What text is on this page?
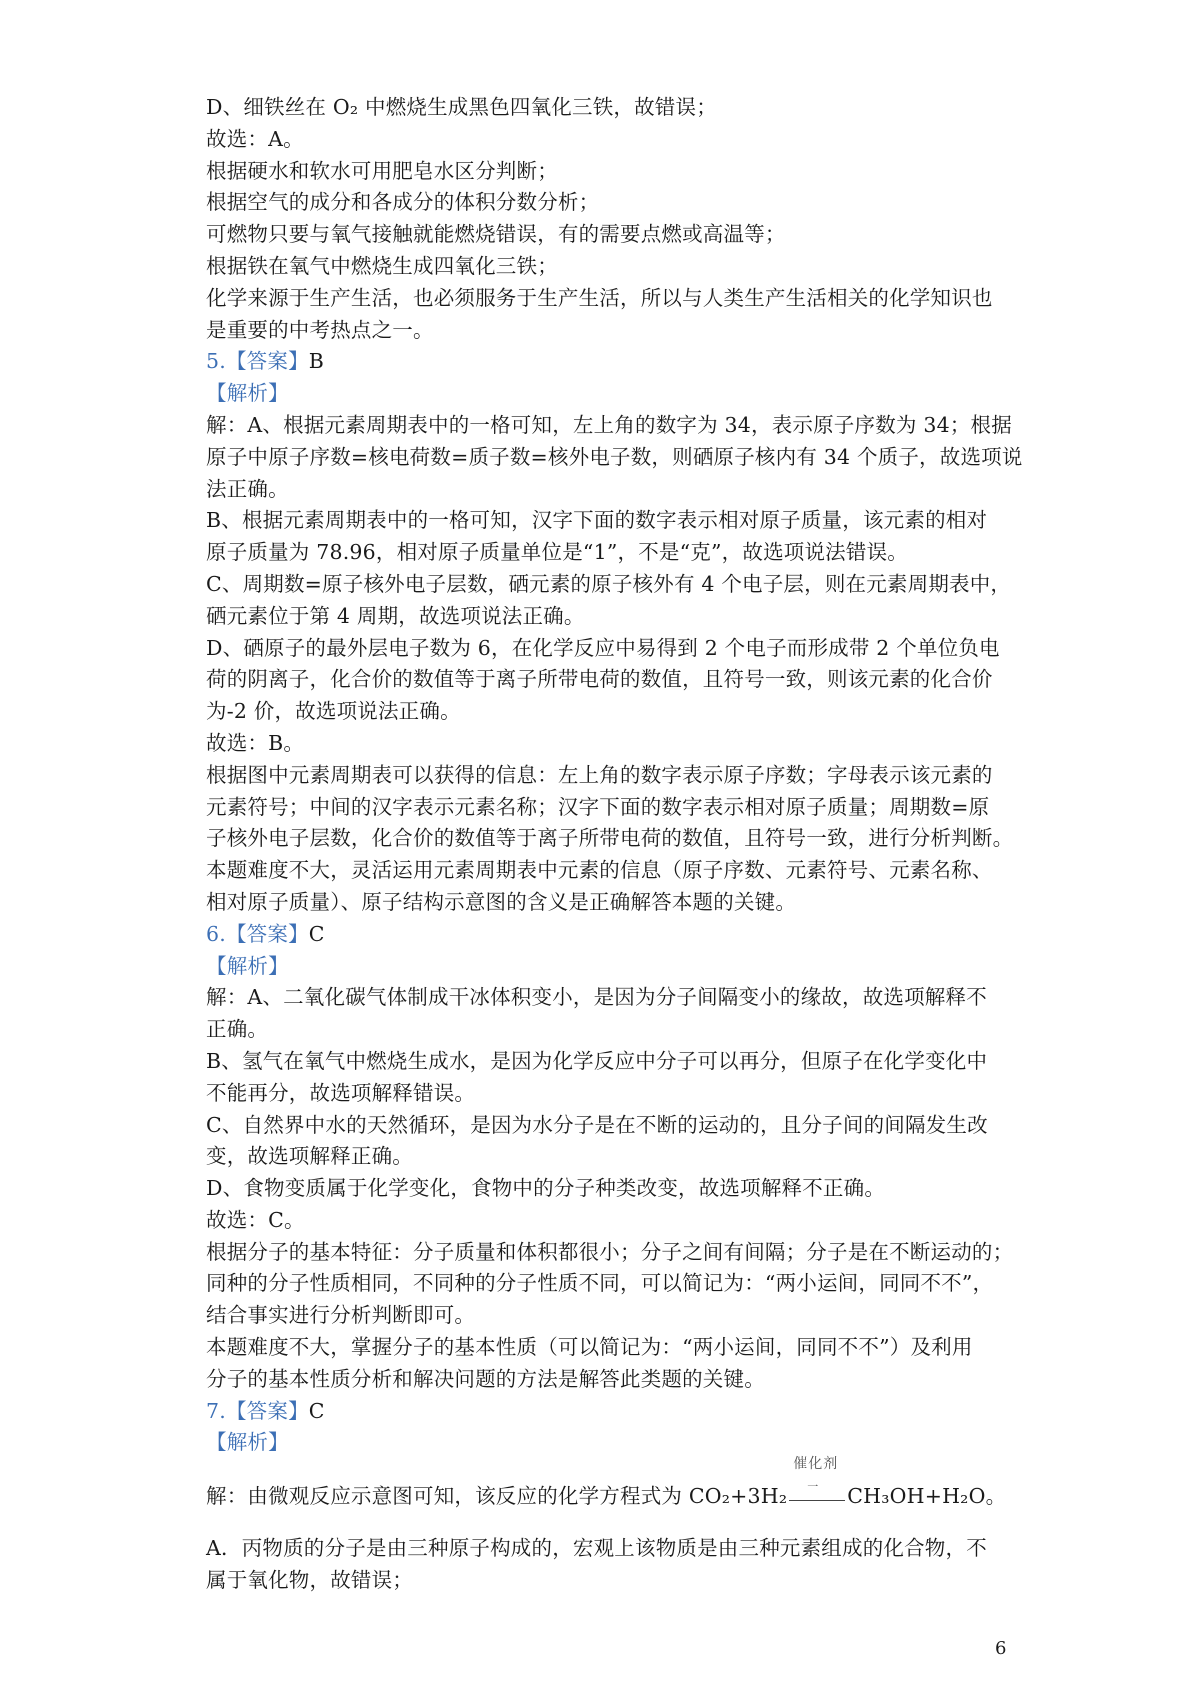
D、细铁丝在 O₂ 中燃烧生成黑色四氧化三铁，故错误；
故选：A。
根据硬水和软水可用肥皂水区分判断；
根据空气的成分和各成分的体积分数分析；
可燃物只要与氧气接触就能燃烧错误，有的需要点燃或高温等；
根据铁在氧气中燃烧生成四氧化三铁；
化学来源于生产生活，也必须服务于生产生活，所以与人类生产生活相关的化学知识也
是重要的中考热点之一。
5.【答案】B
【解析】
解：A、根据元素周期表中的一格可知，左上角的数字为 34，表示原子序数为 34；根据
原子中原子序数=核电荷数=质子数=核外电子数，则硒原子核内有 34 个质子，故选项说
法正确。
B、根据元素周期表中的一格可知，汉字下面的数字表示相对原子质量，该元素的相对
原子质量为 78.96，相对原子质量单位是“1”，不是“克”，故选项说法错误。
C、周期数=原子核外电子层数，硒元素的原子核外有 4 个电子层，则在元素周期表中，
硒元素位于第 4 周期，故选项说法正确。
D、硒原子的最外层电子数为 6，在化学反应中易得到 2 个电子而形成带 2 个单位负电
荷的阴离子，化合价的数值等于离子所带电荷的数值，且符号一致，则该元素的化合价
为-2 价，故选项说法正确。
故选：B。
根据图中元素周期表可以获得的信息：左上角的数字表示原子序数；字母表示该元素的
元素符号；中间的汉字表示元素名称；汉字下面的数字表示相对原子质量；周期数=原
子核外电子层数，化合价的数值等于离子所带电荷的数值，且符号一致，进行分析判断。
本题难度不大，灵活运用元素周期表中元素的信息（原子序数、元素符号、元素名称、
相对原子质量）、原子结构示意图的含义是正确解答本题的关键。
6.【答案】C
【解析】
解：A、二氧化碳气体制成干冰体积变小，是因为分子间隔变小的缘故，故选项解释不
正确。
B、氢气在氧气中燃烧生成水，是因为化学反应中分子可以再分，但原子在化学变化中
不能再分，故选项解释错误。
C、自然界中水的天然循环，是因为水分子是在不断的运动的，且分子间的间隔发生改
变，故选项解释正确。
D、食物变质属于化学变化，食物中的分子种类改变，故选项解释不正确。
故选：C。
根据分子的基本特征：分子质量和体积都很小；分子之间有间隔；分子是在不断运动的；
同种的分子性质相同，不同种的分子性质不同，可以简记为：“两小运间，同同不不”，
结合事实进行分析判断即可。
本题难度不大，掌握分子的基本性质（可以简记为：“两小运间，同同不不”）及利用
分子的基本性质分析和解决问题的方法是解答此类题的关键。
7.【答案】C
【解析】
解：由微观反应示意图可知，该反应的化学方程式为 CO₂+3H₂
催化剂
一 CH₃OH+H₂O。
A．丙物质的分子是由三种原子构成的，宏观上该物质是由三种元素组成的化合物，不
属于氧化物，故错误；
6
